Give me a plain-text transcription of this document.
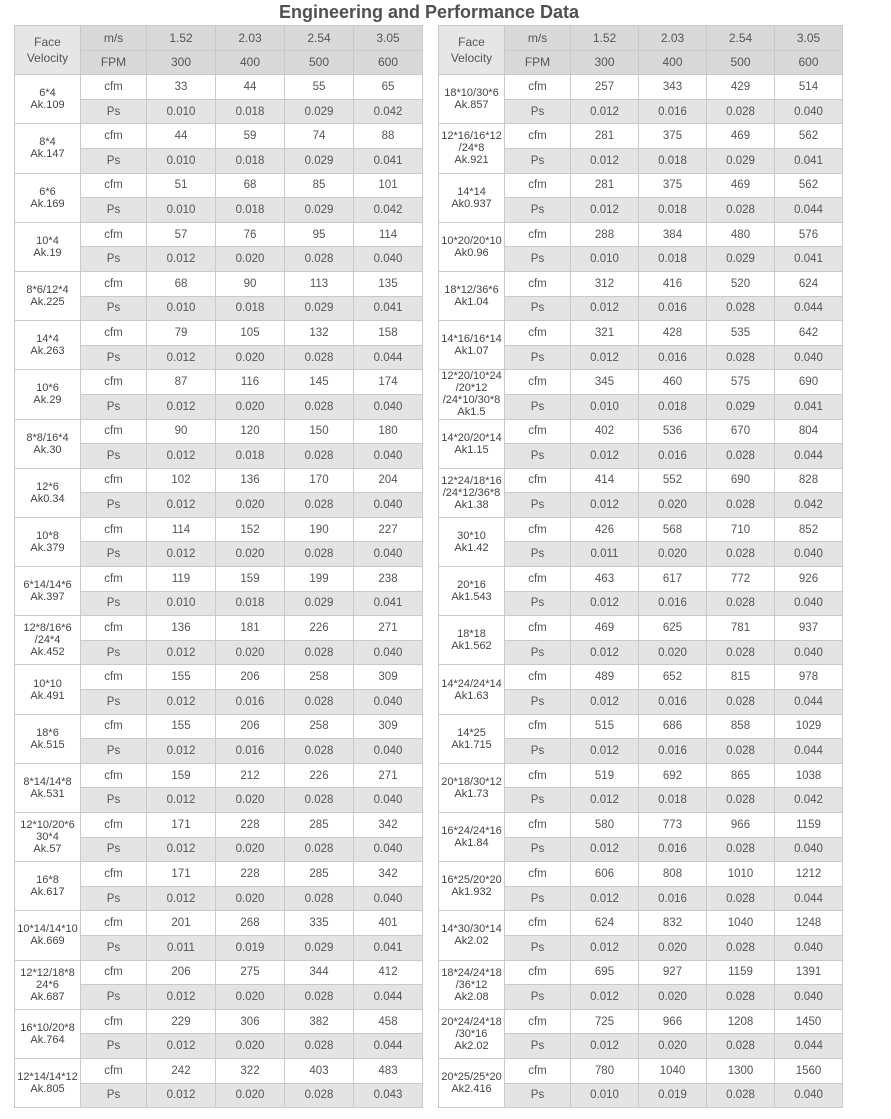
Engineering and Performance Data
Face
Velocity	m/s	1.52	2.03	2.54	3.05
	FPM	300	400	500	600

6*4
Ak.109	cfm	33	44	55	65
	Ps	0.010	0.018	0.029	0.042

8*4
Ak.147	cfm	44	59	74	88
	Ps	0.010	0.018	0.029	0.041

6*6
Ak.169	cfm	51	68	85	101
	Ps	0.010	0.018	0.029	0.042

10*4
Ak.19	cfm	57	76	95	114
	Ps	0.012	0.020	0.028	0.040

8*6/12*4
Ak.225	cfm	68	90	113	135
	Ps	0.010	0.018	0.029	0.041

14*4
Ak.263	cfm	79	105	132	158
	Ps	0.012	0.020	0.028	0.044

10*6
Ak.29	cfm	87	116	145	174
	Ps	0.012	0.020	0.028	0.040

8*8/16*4
Ak.30	cfm	90	120	150	180
	Ps	0.012	0.018	0.028	0.040

12*6
Ak0.34	cfm	102	136	170	204
	Ps	0.012	0.020	0.028	0.040

10*8
Ak.379	cfm	114	152	190	227
	Ps	0.012	0.020	0.028	0.040

6*14/14*6
Ak.397	cfm	119	159	199	238
	Ps	0.010	0.018	0.029	0.041

12*8/16*6
/24*4
Ak.452	cfm	136	181	226	271
	Ps	0.012	0.020	0.028	0.040

10*10
Ak.491	cfm	155	206	258	309
	Ps	0.012	0.016	0.028	0.040

18*6
Ak.515	cfm	155	206	258	309
	Ps	0.012	0.016	0.028	0.040

8*14/14*8
Ak.531	cfm	159	212	226	271
	Ps	0.012	0.020	0.028	0.040

12*10/20*6
30*4
Ak.57	cfm	171	228	285	342
	Ps	0.012	0.020	0.028	0.040

16*8
Ak.617	cfm	171	228	285	342
	Ps	0.012	0.020	0.028	0.040

10*14/14*10
Ak.669	cfm	201	268	335	401
	Ps	0.011	0.019	0.029	0.041

12*12/18*8
24*6
Ak.687	cfm	206	275	344	412
	Ps	0.012	0.020	0.028	0.044

16*10/20*8
Ak.764	cfm	229	306	382	458
	Ps	0.012	0.020	0.028	0.044

12*14/14*12
Ak.805	cfm	242	322	403	483
	Ps	0.012	0.020	0.028	0.043
Face
Velocity	m/s	1.52	2.03	2.54	3.05
	FPM	300	400	500	600

18*10/30*6
Ak.857	cfm	257	343	429	514
	Ps	0.012	0.016	0.028	0.040

12*16/16*12
/24*8
Ak.921	cfm	281	375	469	562
	Ps	0.012	0.018	0.029	0.041

14*14
Ak0.937	cfm	281	375	469	562
	Ps	0.012	0.018	0.028	0.044

10*20/20*10
Ak0.96	cfm	288	384	480	576
	Ps	0.010	0.018	0.029	0.041

18*12/36*6
Ak1.04	cfm	312	416	520	624
	Ps	0.012	0.016	0.028	0.044

14*16/16*14
Ak1.07	cfm	321	428	535	642
	Ps	0.012	0.016	0.028	0.040

12*20/10*24
/20*12
/24*10/30*8
Ak1.5	cfm	345	460	575	690
	Ps	0.010	0.018	0.029	0.041

14*20/20*14
Ak1.15	cfm	402	536	670	804
	Ps	0.012	0.016	0.028	0.044

12*24/18*16
/24*12/36*8
Ak1.38	cfm	414	552	690	828
	Ps	0.012	0.020	0.028	0.042

30*10
Ak1.42	cfm	426	568	710	852
	Ps	0.011	0.020	0.028	0.040

20*16
Ak1.543	cfm	463	617	772	926
	Ps	0.012	0.016	0.028	0.040

18*18
Ak1.562	cfm	469	625	781	937
	Ps	0.012	0.020	0.028	0.040

14*24/24*14
Ak1.63	cfm	489	652	815	978
	Ps	0.012	0.016	0.028	0.044

14*25
Ak1.715	cfm	515	686	858	1029
	Ps	0.012	0.016	0.028	0.044

20*18/30*12
Ak1.73	cfm	519	692	865	1038
	Ps	0.012	0.018	0.028	0.042

16*24/24*16
Ak1.84	cfm	580	773	966	1159
	Ps	0.012	0.016	0.028	0.040

16*25/20*20
Ak1.932	cfm	606	808	1010	1212
	Ps	0.012	0.016	0.028	0.044

14*30/30*14
Ak2.02	cfm	624	832	1040	1248
	Ps	0.012	0.020	0.028	0.040

18*24/24*18
/36*12
Ak2.08	cfm	695	927	1159	1391
	Ps	0.012	0.020	0.028	0.040

20*24/24*18
/30*16
Ak2.02	cfm	725	966	1208	1450
	Ps	0.012	0.020	0.028	0.044

20*25/25*20
Ak2.416	cfm	780	1040	1300	1560
	Ps	0.010	0.019	0.028	0.040
